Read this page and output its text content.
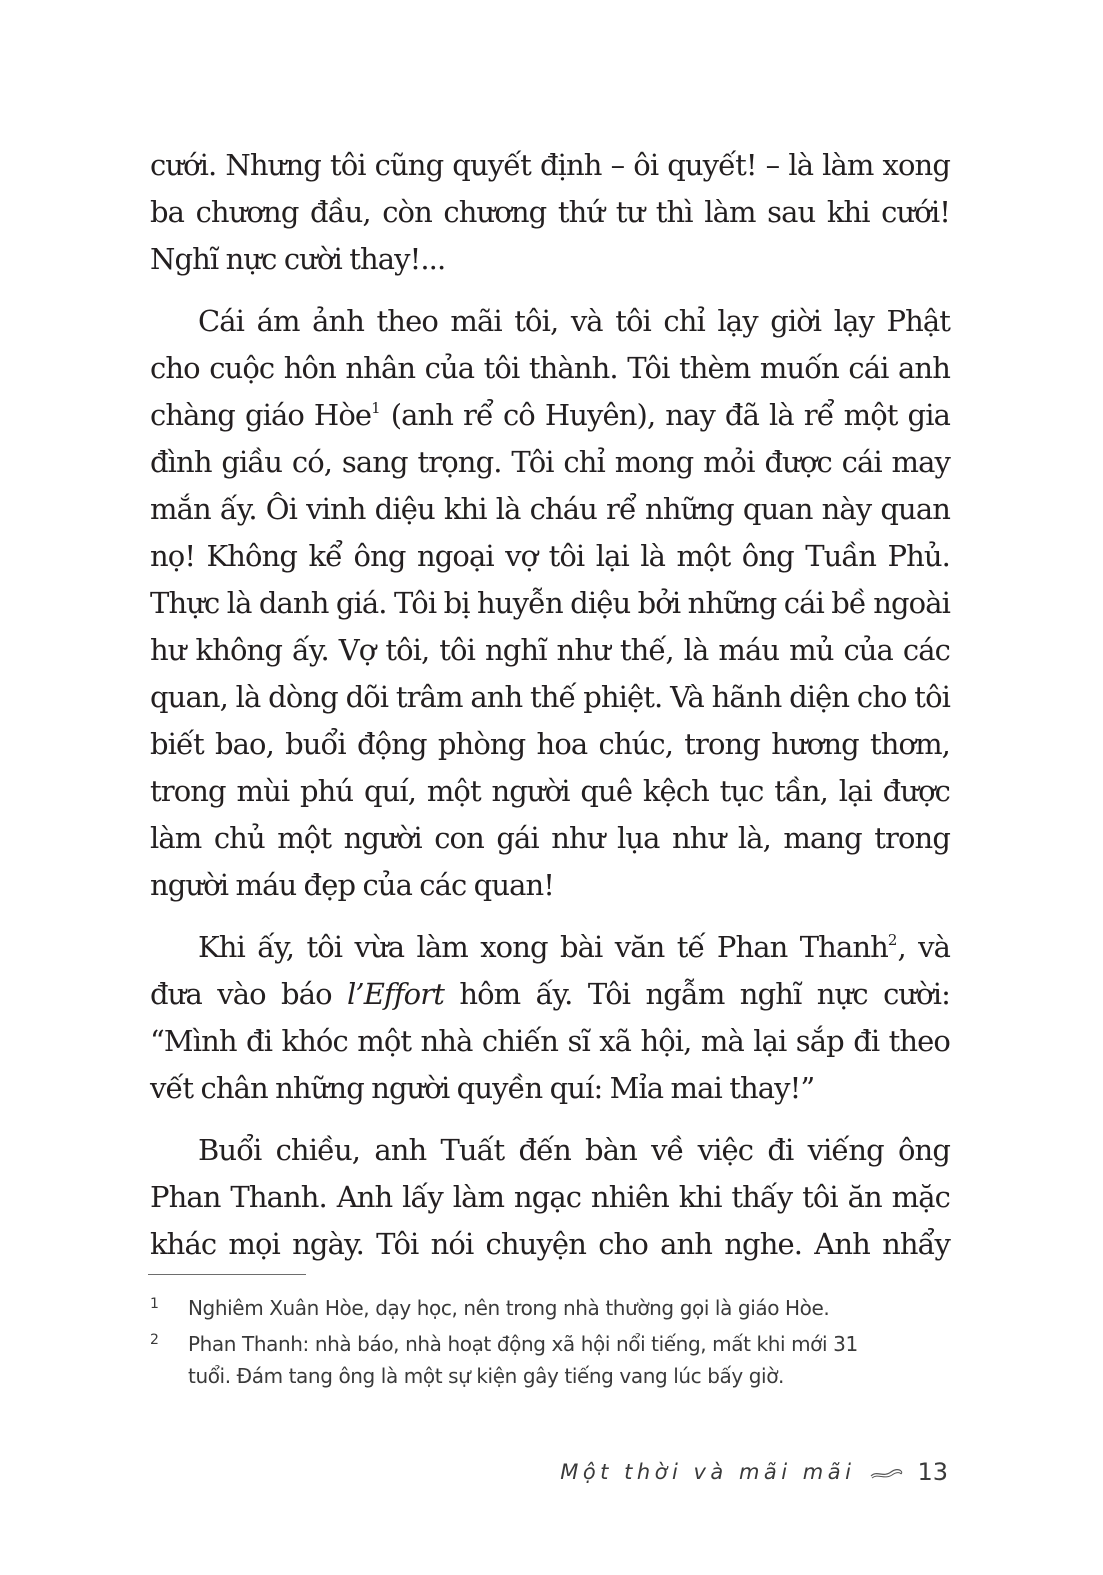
cưới. Nhưng tôi cũng quyết định – ôi quyết! – là làm xong
ba chương đầu, còn chương thứ tư thì làm sau khi cưới!
Nghĩ nực cười thay!...
Cái ám ảnh theo mãi tôi, và tôi chỉ lạy giời lạy Phật
cho cuộc hôn nhân của tôi thành. Tôi thèm muốn cái anh
chàng giáo Hòe$^1$ (anh rể cô Huyên), nay đã là rể một gia
đình giầu có, sang trọng. Tôi chỉ mong mỏi được cái may
mắn ấy. Ôi vinh diệu khi là cháu rể những quan này quan
nọ! Không kể ông ngoại vợ tôi lại là một ông Tuần Phủ.
Thực là danh giá. Tôi bị huyễn diệu bởi những cái bề ngoài
hư không ấy. Vợ tôi, tôi nghĩ như thế, là máu mủ của các
quan, là dòng dõi trâm anh thế phiệt. Và hãnh diện cho tôi
biết bao, buổi động phòng hoa chúc, trong hương thơm,
trong mùi phú quí, một người quê kệch tục tần, lại được
làm chủ một người con gái như lụa như là, mang trong
người máu đẹp của các quan!
Khi ấy, tôi vừa làm xong bài văn tế Phan Thanh$^2$, và
đưa vào báo l’Effort hôm ấy. Tôi ngẫm nghĩ nực cười:
“Mình đi khóc một nhà chiến sĩ xã hội, mà lại sắp đi theo
vết chân những người quyền quí: Mỉa mai thay!”
Buổi chiều, anh Tuất đến bàn về việc đi viếng ông
Phan Thanh. Anh lấy làm ngạc nhiên khi thấy tôi ăn mặc
khác mọi ngày. Tôi nói chuyện cho anh nghe. Anh nhẩy
1 Nghiêm Xuân Hòe, dạy học, nên trong nhà thường gọi là giáo Hòe.
2 Phan Thanh: nhà báo, nhà hoạt động xã hội nổi tiếng, mất khi mới 31
tuổi. Đám tang ông là một sự kiện gây tiếng vang lúc bấy giờ.
Một thời và mãi mãi	13
